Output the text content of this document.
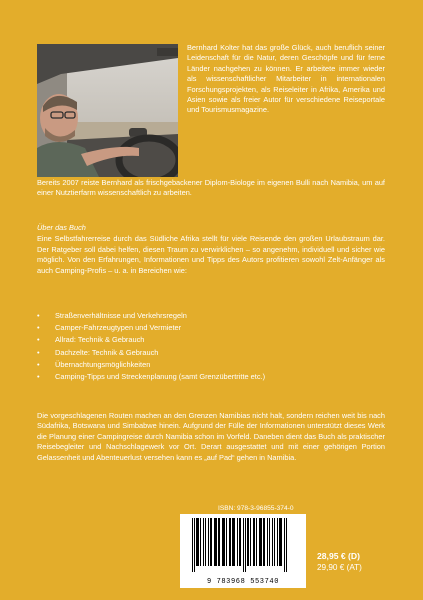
Bernhard Kolter hat das große Glück, auch beruflich seiner Leidenschaft für die Natur, deren Geschöpfe und für ferne Länder nachgehen zu können. Er arbeitete immer wieder als wissenschaftlicher Mitarbeiter in internationalen Forschungsprojekten, als Reiseleiter in Afrika, Amerika und Asien sowie als freier Autor für verschiedene Reiseportale und Tourismusmagazine.
Bereits 2007 reiste Bernhard als frischgebackener Diplom-Biologe im eigenen Bulli nach Namibia, um auf einer Nutztierfarm wissenschaftlich zu arbeiten.
Über das Buch
Eine Selbstfahrerreise durch das Südliche Afrika stellt für viele Reisende den großen Urlaubstraum dar. Der Ratgeber soll dabei helfen, diesen Traum zu verwirklichen – so angenehm, individuell und sicher wie möglich. Von den Erfahrungen, Informationen und Tipps des Autors profitieren sowohl Zelt-Anfänger als auch Camping-Profis – u. a. in Bereichen wie:
• Straßenverhältnisse und Verkehrsregeln
• Camper-Fahrzeugtypen und Vermieter
• Allrad: Technik & Gebrauch
• Dachzelte: Technik & Gebrauch
• Übernachtungsmöglichkeiten
• Camping-Tipps und Streckenplanung (samt Grenzübertritte etc.)
Die vorgeschlagenen Routen machen an den Grenzen Namibias nicht halt, sondern reichen weit bis nach Südafrika, Botswana und Simbabwe hinein. Aufgrund der Fülle der Informationen unterstützt dieses Werk die Planung einer Campingreise durch Namibia schon im Vorfeld. Daneben dient das Buch als praktischer Reisebegleiter und Nachschlagewerk vor Ort. Derart ausgestattet und mit einer gehörigen Portion Gelassenheit und Abenteuerlust versehen kann es „auf Pad“ gehen in Namibia.
ISBN: 978-3-96855-374-0
9 783968 553740
28,95 € (D)
29,90 € (AT)
